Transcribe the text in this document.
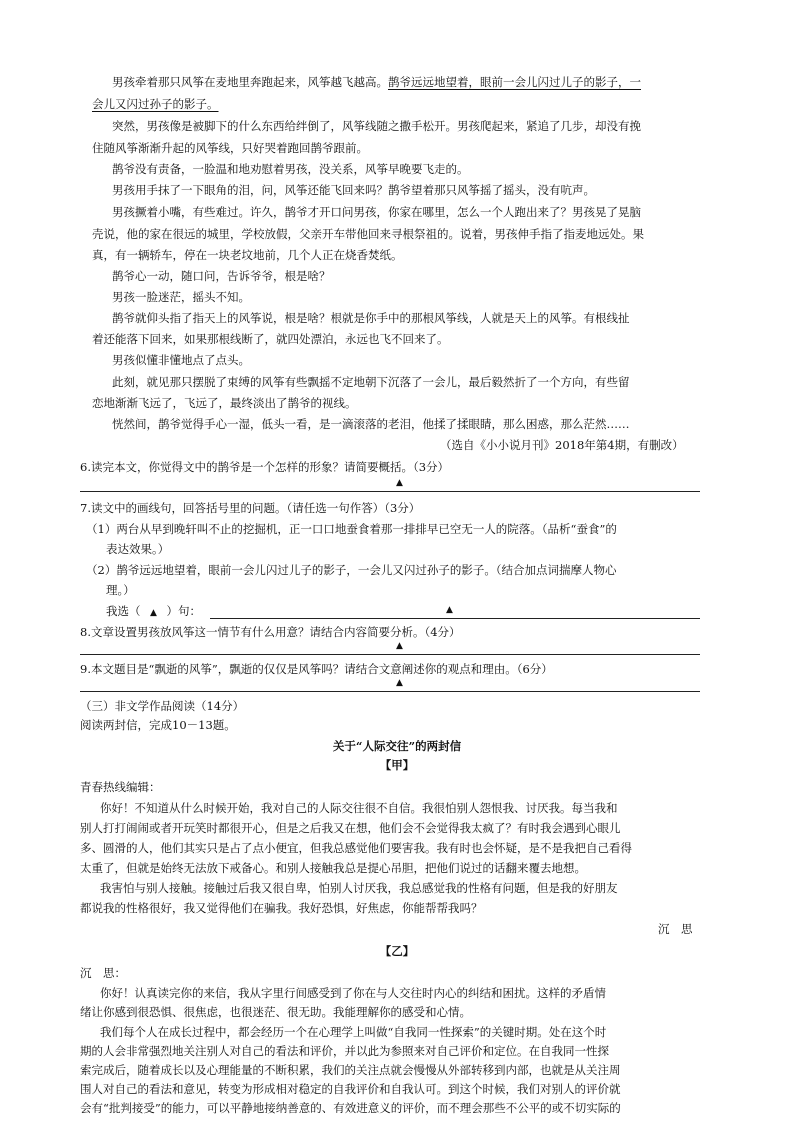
男孩牵着那只风筝在麦地里奔跑起来，风筝越飞越高。鹊爷远远地望着，眼前一会儿闪过儿子的影子，一
会儿又闪过孙子的影子。
突然，男孩像是被脚下的什么东西给绊倒了，风筝线随之撒手松开。男孩爬起来，紧追了几步，却没有挽
住随风筝渐渐升起的风筝线，只好哭着跑回鹊爷跟前。
鹊爷没有责备，一脸温和地劝慰着男孩，没关系，风筝早晚要飞走的。
男孩用手抹了一下眼角的泪，问，风筝还能飞回来吗？鹊爷望着那只风筝摇了摇头，没有吭声。
男孩撅着小嘴，有些难过。许久，鹊爷才开口问男孩，你家在哪里，怎么一个人跑出来了？男孩晃了晃脑
壳说，他的家在很远的城里，学校放假，父亲开车带他回来寻根祭祖的。说着，男孩伸手指了指麦地远处。果
真，有一辆轿车，停在一块老坟地前，几个人正在烧香焚纸。
鹊爷心一动，随口问，告诉爷爷，根是啥？
男孩一脸迷茫，摇头不知。
鹊爷就仰头指了指天上的风筝说，根是啥？根就是你手中的那根风筝线，人就是天上的风筝。有根线扯
着还能落下回来，如果那根线断了，就四处漂泊，永远也飞不回来了。
男孩似懂非懂地点了点头。
此刻，就见那只摆脱了束缚的风筝有些飘摇不定地朝下沉落了一会儿，最后毅然折了一个方向，有些留
恋地渐渐飞远了，飞远了，最终淡出了鹊爷的视线。
恍然间，鹊爷觉得手心一湿，低头一看，是一滴滚落的老泪，他揉了揉眼睛，那么困惑，那么茫然……
（选自《小小说月刊》2018年第4期，有删改）
6.读完本文，你觉得文中的鹊爷是一个怎样的形象？请简要概括。（3分）
▲
7.读文中的画线句，回答括号里的问题。（请任选一句作答）（3分）
（1）两台从早到晚轩叫不止的挖掘机，正一口口地蚕食着那一排排早已空无一人的院落。（品析“蚕食”的
表达效果。）
（2）鹊爷远远地望着，眼前一会儿闪过儿子的影子，一会儿又闪过孙子的影子。（结合加点词揣摩人物心
理。）
我选（ ▲ ）句：	▲
8.文章设置男孩放风筝这一情节有什么用意？请结合内容简要分析。（4分）
▲
9.本文题目是“飘逝的风筝”，飘逝的仅仅是风筝吗？请结合文意阐述你的观点和理由。（6分）
▲
（三）非文学作品阅读（14分）
阅读两封信，完成10－13题。
关于“人际交往”的两封信
【甲】
青春热线编辑：
你好！不知道从什么时候开始，我对自己的人际交往很不自信。我很怕别人怨恨我、讨厌我。每当我和
别人打打闹闹或者开玩笑时都很开心，但是之后我又在想，他们会不会觉得我太疯了？有时我会遇到心眼儿
多、圆滑的人，他们其实只是占了点小便宜，但我总感觉他们要害我。我有时也会怀疑，是不是我把自己看得
太重了，但就是始终无法放下戒备心。和别人接触我总是提心吊胆，把他们说过的话翻来覆去地想。
我害怕与别人接触。接触过后我又很自卑，怕别人讨厌我，我总感觉我的性格有问题，但是我的好朋友
都说我的性格很好，我又觉得他们在骗我。我好恐惧，好焦虑，你能帮帮我吗？
沉　思
【乙】
沉　思：
你好！认真读完你的来信，我从字里行间感受到了你在与人交往时内心的纠结和困扰。这样的矛盾情
绪让你感到很恐惧、很焦虑，也很迷茫、很无助。我能理解你的感受和心情。
我们每个人在成长过程中，都会经历一个在心理学上叫做“自我同一性探索”的关键时期。处在这个时
期的人会非常强烈地关注别人对自己的看法和评价，并以此为参照来对自己评价和定位。在自我同一性探
索完成后，随着成长以及心理能量的不断积累，我们的关注点就会慢慢从外部转移到内部，也就是从关注周
围人对自己的看法和意见，转变为形成相对稳定的自我评价和自我认可。到这个时候，我们对别人的评价就
会有“批判接受”的能力，可以平静地接纳善意的、有效进意义的评价，而不理会那些不公平的或不切实际的
